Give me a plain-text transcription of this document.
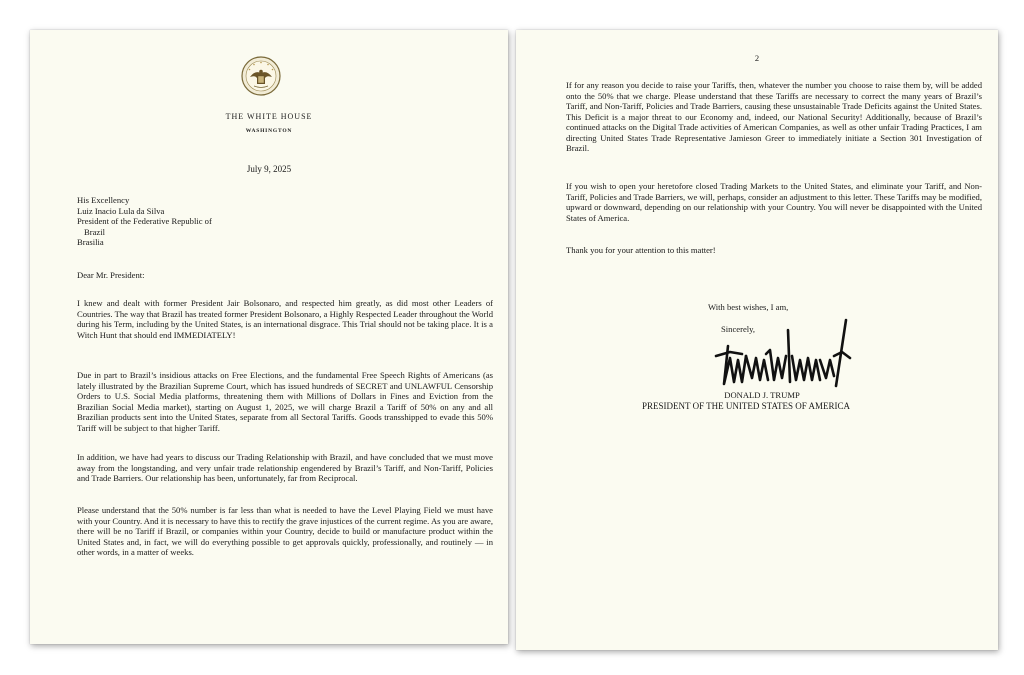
THE WHITE HOUSE
WASHINGTON
July 9, 2025
His Excellency
Luiz Inacio Lula da Silva
President of the Federative Republic of
Brazil
Brasilia
Dear Mr. President:
I knew and dealt with former President Jair Bolsonaro, and respected him greatly, as did most other Leaders of Countries. The way that Brazil has treated former President Bolsonaro, a Highly Respected Leader throughout the World during his Term, including by the United States, is an international disgrace. This Trial should not be taking place. It is a Witch Hunt that should end IMMEDIATELY!
Due in part to Brazil’s insidious attacks on Free Elections, and the fundamental Free Speech Rights of Americans (as lately illustrated by the Brazilian Supreme Court, which has issued hundreds of SECRET and UNLAWFUL Censorship Orders to U.S. Social Media platforms, threatening them with Millions of Dollars in Fines and Eviction from the Brazilian Social Media market), starting on August 1, 2025, we will charge Brazil a Tariff of 50% on any and all Brazilian products sent into the United States, separate from all Sectoral Tariffs. Goods transshipped to evade this 50% Tariff will be subject to that higher Tariff.
In addition, we have had years to discuss our Trading Relationship with Brazil, and have concluded that we must move away from the longstanding, and very unfair trade relationship engendered by Brazil’s Tariff, and Non-Tariff, Policies and Trade Barriers. Our relationship has been, unfortunately, far from Reciprocal.
Please understand that the 50% number is far less than what is needed to have the Level Playing Field we must have with your Country. And it is necessary to have this to rectify the grave injustices of the current regime. As you are aware, there will be no Tariff if Brazil, or companies within your Country, decide to build or manufacture product within the United States and, in fact, we will do everything possible to get approvals quickly, professionally, and routinely — in other words, in a matter of weeks.
2
If for any reason you decide to raise your Tariffs, then, whatever the number you choose to raise them by, will be added onto the 50% that we charge. Please understand that these Tariffs are necessary to correct the many years of Brazil’s Tariff, and Non-Tariff, Policies and Trade Barriers, causing these unsustainable Trade Deficits against the United States. This Deficit is a major threat to our Economy and, indeed, our National Security! Additionally, because of Brazil’s continued attacks on the Digital Trade activities of American Companies, as well as other unfair Trading Practices, I am directing United States Trade Representative Jamieson Greer to immediately initiate a Section 301 Investigation of Brazil.
If you wish to open your heretofore closed Trading Markets to the United States, and eliminate your Tariff, and Non-Tariff, Policies and Trade Barriers, we will, perhaps, consider an adjustment to this letter. These Tariffs may be modified, upward or downward, depending on our relationship with your Country. You will never be disappointed with the United States of America.
Thank you for your attention to this matter!
With best wishes, I am,
Sincerely,
DONALD J. TRUMP
PRESIDENT OF THE UNITED STATES OF AMERICA
